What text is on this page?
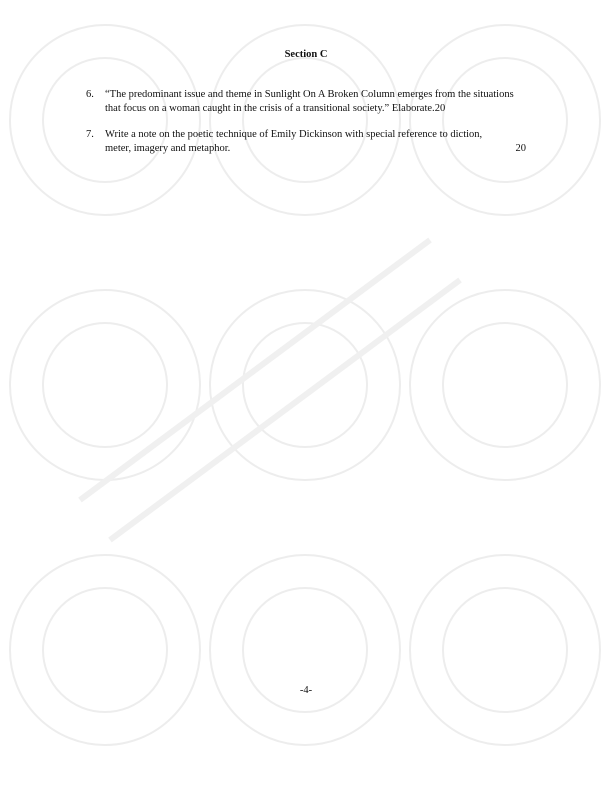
Section C
6. “The predominant issue and theme in Sunlight On A Broken Column emerges from the situations that focus on a woman caught in the crisis of a transitional society.” Elaborate.20
7. Write a note on the poetic technique of Emily Dickinson with special reference to diction, meter, imagery and metaphor.	20
-4-
